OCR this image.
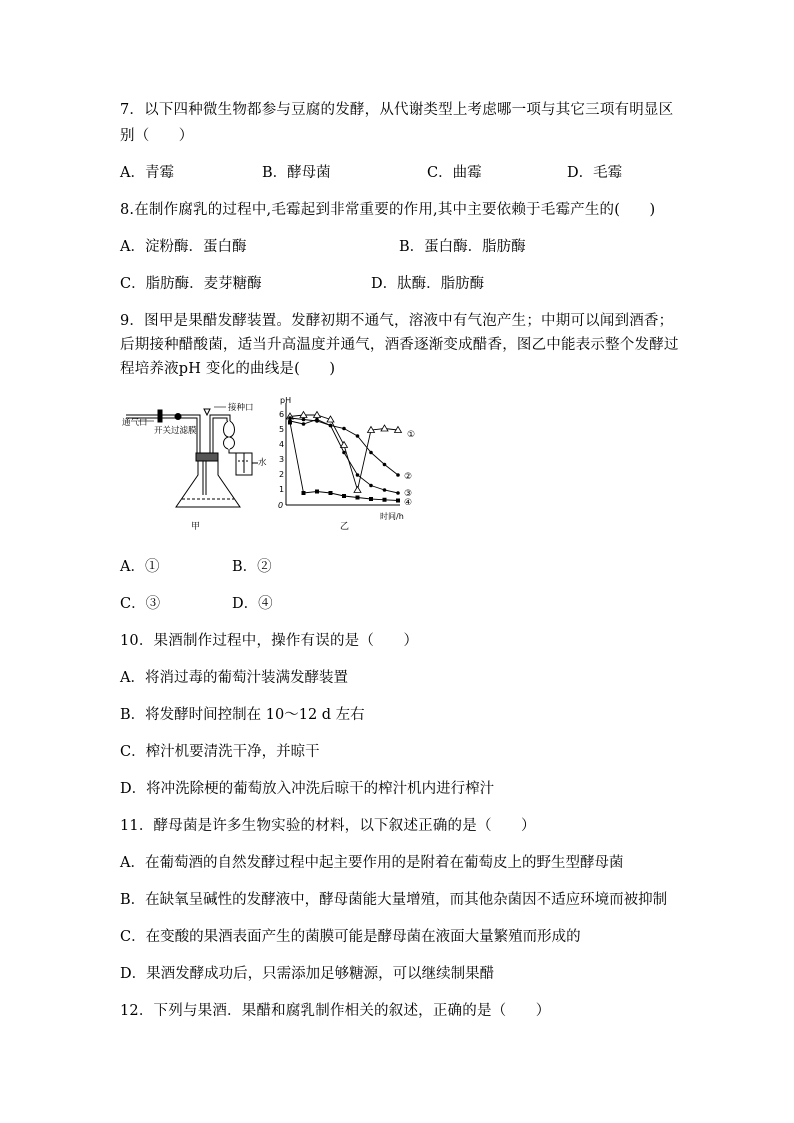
7．以下四种微生物都参与豆腐的发酵，从代谢类型上考虑哪一项与其它三项有明显区
别（　　）
A．青霉	B．酵母菌	C．曲霉	D．毛霉
8.在制作腐乳的过程中,毛霉起到非常重要的作用,其中主要依赖于毛霉产生的(　　)
A．淀粉酶．蛋白酶	B．蛋白酶．脂肪酶
C．脂肪酶．麦芽糖酶	D．肽酶．脂肪酶
9．图甲是果醋发酵装置。发酵初期不通气，溶液中有气泡产生；中期可以闻到酒香；
后期接种醋酸菌，适当升高温度并通气，酒香逐渐变成醋香，图乙中能表示整个发酵过
程培养液pH 变化的曲线是(　　)
通气口
开关过滤膜
接种口
水
甲
pH
6
5
4
3
2
1
0
时间/h
乙
①
②
③
④
A．①	B．②
C．③	D．④
10．果酒制作过程中，操作有误的是（　　）
A．将消过毒的葡萄汁装满发酵装置
B．将发酵时间控制在 10～12 d 左右
C．榨汁机要清洗干净，并晾干
D．将冲洗除梗的葡萄放入冲洗后晾干的榨汁机内进行榨汁
11．酵母菌是许多生物实验的材料，以下叙述正确的是（　　）
A．在葡萄酒的自然发酵过程中起主要作用的是附着在葡萄皮上的野生型酵母菌
B．在缺氧呈碱性的发酵液中，酵母菌能大量增殖，而其他杂菌因不适应环境而被抑制
C．在变酸的果酒表面产生的菌膜可能是酵母菌在液面大量繁殖而形成的
D．果酒发酵成功后，只需添加足够糖源，可以继续制果醋
12．下列与果酒．果醋和腐乳制作相关的叙述，正确的是（　　）
